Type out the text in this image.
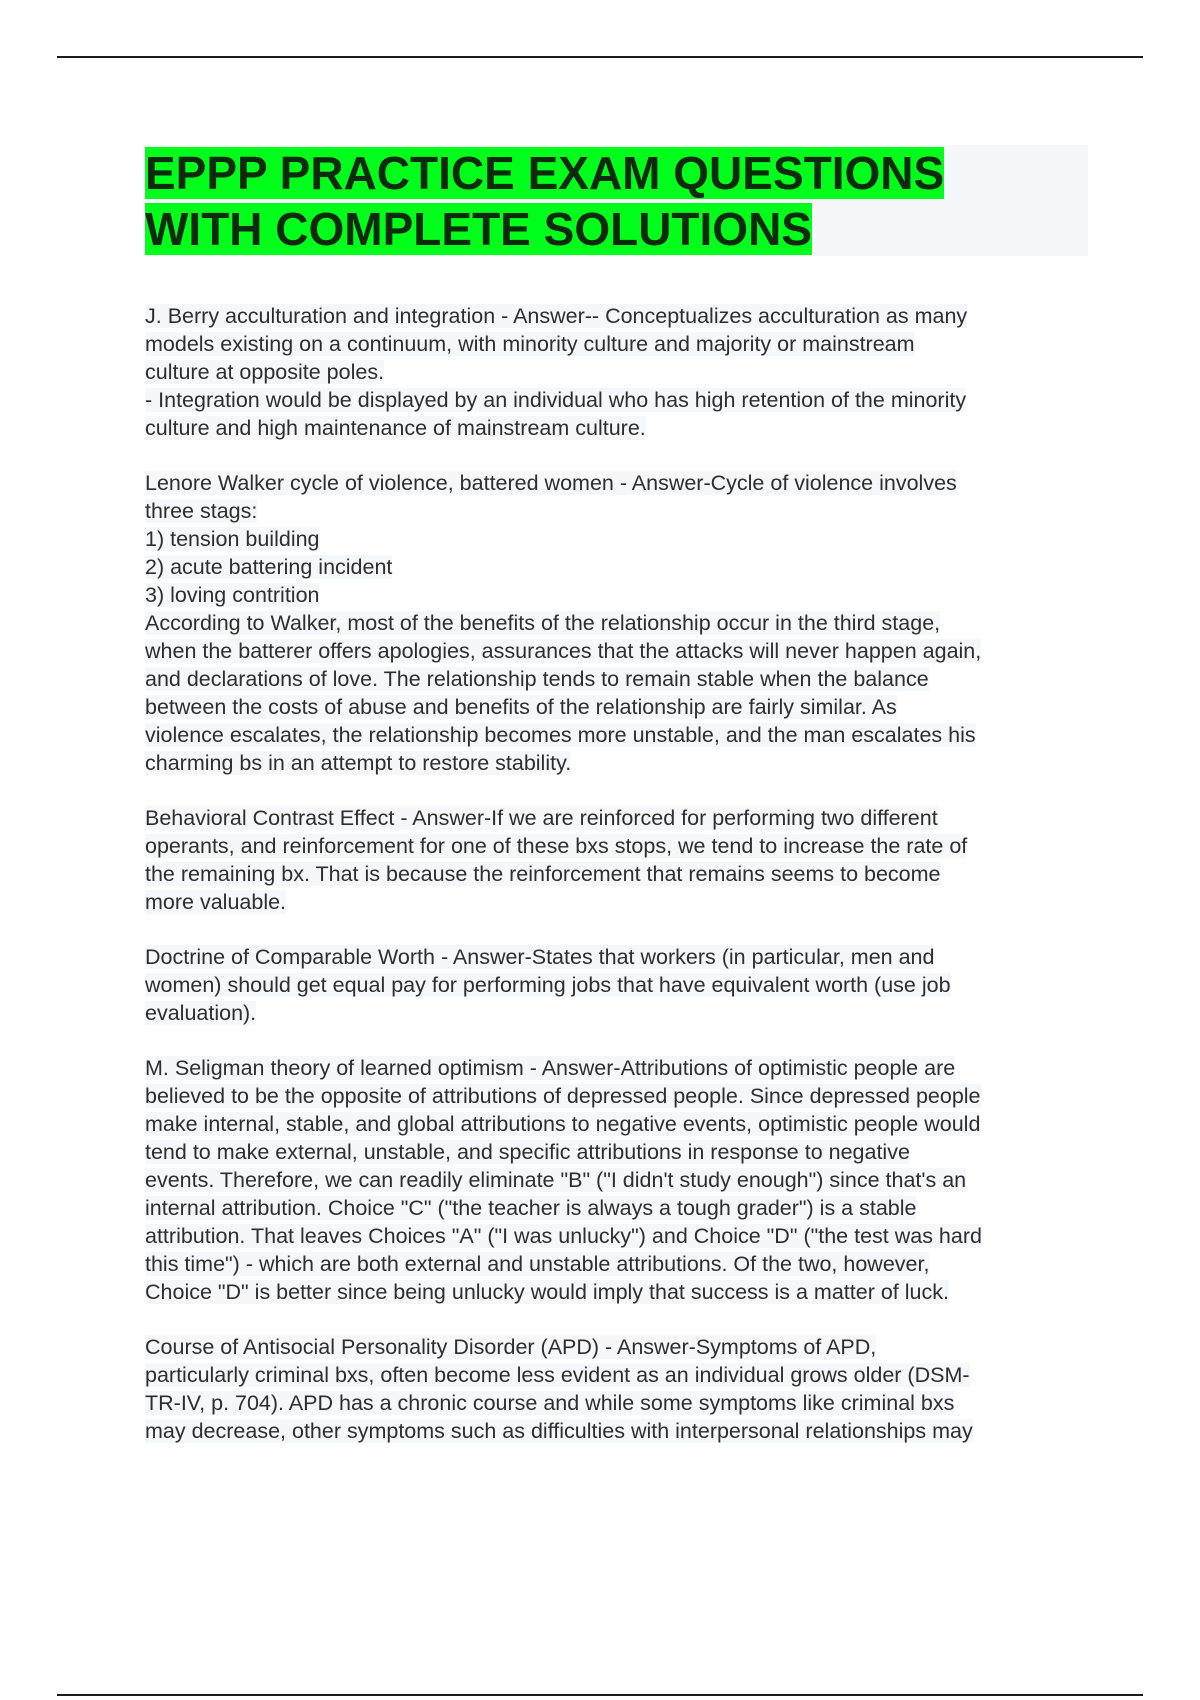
EPPP PRACTICE EXAM QUESTIONS
WITH COMPLETE SOLUTIONS
J. Berry acculturation and integration - Answer-- Conceptualizes acculturation as many
models existing on a continuum, with minority culture and majority or mainstream
culture at opposite poles.
- Integration would be displayed by an individual who has high retention of the minority
culture and high maintenance of mainstream culture.
Lenore Walker cycle of violence, battered women - Answer-Cycle of violence involves
three stags:
1) tension building
2) acute battering incident
3) loving contrition
According to Walker, most of the benefits of the relationship occur in the third stage,
when the batterer offers apologies, assurances that the attacks will never happen again,
and declarations of love. The relationship tends to remain stable when the balance
between the costs of abuse and benefits of the relationship are fairly similar. As
violence escalates, the relationship becomes more unstable, and the man escalates his
charming bs in an attempt to restore stability.
Behavioral Contrast Effect - Answer-If we are reinforced for performing two different
operants, and reinforcement for one of these bxs stops, we tend to increase the rate of
the remaining bx. That is because the reinforcement that remains seems to become
more valuable.
Doctrine of Comparable Worth - Answer-States that workers (in particular, men and
women) should get equal pay for performing jobs that have equivalent worth (use job
evaluation).
M. Seligman theory of learned optimism - Answer-Attributions of optimistic people are
believed to be the opposite of attributions of depressed people. Since depressed people
make internal, stable, and global attributions to negative events, optimistic people would
tend to make external, unstable, and specific attributions in response to negative
events. Therefore, we can readily eliminate "B" ("I didn't study enough") since that's an
internal attribution. Choice "C" ("the teacher is always a tough grader") is a stable
attribution. That leaves Choices "A" ("I was unlucky") and Choice "D" ("the test was hard
this time") - which are both external and unstable attributions. Of the two, however,
Choice "D" is better since being unlucky would imply that success is a matter of luck.
Course of Antisocial Personality Disorder (APD) - Answer-Symptoms of APD,
particularly criminal bxs, often become less evident as an individual grows older (DSM-
TR-IV, p. 704). APD has a chronic course and while some symptoms like criminal bxs
may decrease, other symptoms such as difficulties with interpersonal relationships may
